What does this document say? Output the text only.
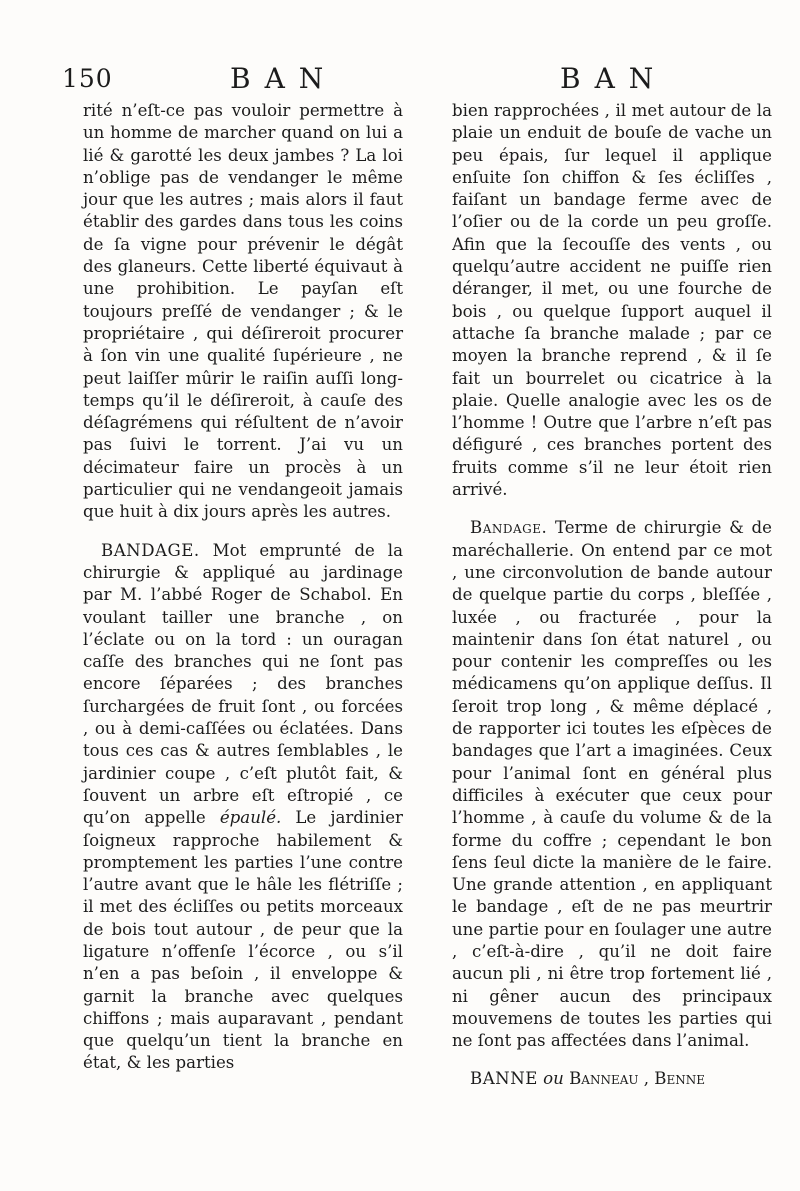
150	BAN	BAN

rité n’eſt-ce pas vouloir permettre à un homme de marcher quand on lui a lié & garotté les deux jambes ? La loi n’oblige pas de vendanger le même jour que les autres ; mais alors il faut établir des gardes dans tous les coins de ſa vigne pour prévenir le dégât des glaneurs. Cette liberté équivaut à une prohibition. Le payſan eſt toujours preſſé de vendanger ; & le propriétaire , qui déſireroit procurer à ſon vin une qualité ſupérieure , ne peut laiſſer mûrir le raiſin auſſi long-temps qu’il le déſireroit, à cauſe des déſagrémens qui réſultent de n’avoir pas ſuivi le torrent. J’ai vu un décimateur faire un procès à un particulier qui ne vendangeoit jamais que huit à dix jours après les autres.

BANDAGE. Mot emprunté de la chirurgie & appliqué au jardinage par M. l’abbé Roger de Schabol. En voulant tailler une branche , on l’éclate ou on la tord : un ouragan caſſe des branches qui ne ſont pas encore ſéparées ; des branches ſurchargées de fruit ſont , ou forcées , ou à demi-caſſées ou éclatées. Dans tous ces cas & autres ſemblables , le jardinier coupe , c’eſt plutôt fait, & ſouvent un arbre eſt eſtropié , ce qu’on appelle épaulé. Le jardinier ſoigneux rapproche habilement & promptement les parties l’une contre l’autre avant que le hâle les flétriſſe ; il met des écliſſes ou petits morceaux de bois tout autour , de peur que la ligature n’offenſe l’écorce , ou s’il n’en a pas beſoin , il enveloppe & garnit la branche avec quelques chiffons ; mais auparavant , pendant que quelqu’un tient la branche en état, & les parties

bien rapprochées , il met autour de la plaie un enduit de bouſe de vache un peu épais, ſur lequel il applique enſuite ſon chiffon & ſes écliſſes , faiſant un bandage ferme avec de l’oſier ou de la corde un peu groſſe. Afin que la ſecouſſe des vents , ou quelqu’autre accident ne puiſſe rien déranger, il met, ou une fourche de bois , ou quelque ſupport auquel il attache ſa branche malade ; par ce moyen la branche reprend , & il ſe fait un bourrelet ou cicatrice à la plaie. Quelle analogie avec les os de l’homme ! Outre que l’arbre n’eſt pas défiguré , ces branches portent des fruits comme s’il ne leur étoit rien arrivé.

Bandage. Terme de chirurgie & de maréchallerie. On entend par ce mot , une circonvolution de bande autour de quelque partie du corps , bleſſée , luxée , ou fracturée , pour la maintenir dans ſon état naturel , ou pour contenir les compreſſes ou les médicamens qu’on applique deſſus. Il ſeroit trop long , & même déplacé , de rapporter ici toutes les eſpèces de bandages que l’art a imaginées. Ceux pour l’animal ſont en général plus difficiles à exécuter que ceux pour l’homme , à cauſe du volume & de la forme du coffre ; cependant le bon ſens ſeul dicte la manière de le faire. Une grande attention , en appliquant le bandage , eſt de ne pas meurtrir une partie pour en ſoulager une autre , c’eſt-à-dire , qu’il ne doit faire aucun pli , ni être trop fortement lié , ni gêner aucun des principaux mouvemens de toutes les parties qui ne ſont pas affectées dans l’animal.

BANNE ou Banneau , Benne
